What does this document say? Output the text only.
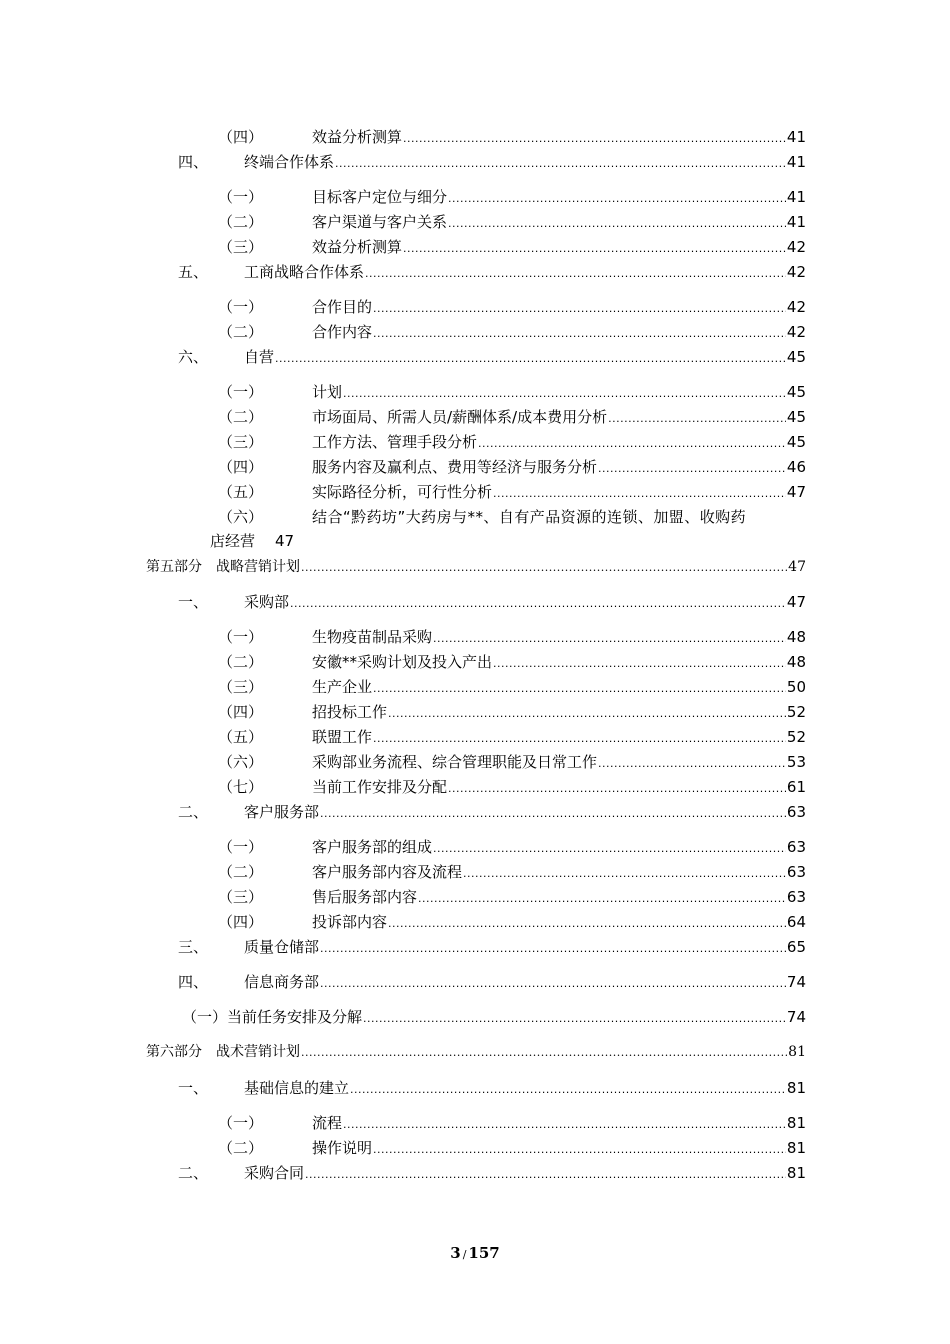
（四）	效益分析测算 .....	41
四、	终端合作体系 .....	41
（一）	目标客户定位与细分 .....	41
（二）	客户渠道与客户关系 .....	41
（三）	效益分析测算 .....	42
五、	工商战略合作体系 .....	42
（一）	合作目的 .....	42
（二）	合作内容 .....	42
六、	自营 .....	45
（一）	计划 .....	45
（二）	市场面局、所需人员/薪酬体系/成本费用分析 .....	45
（三）	工作方法、管理手段分析 .....	45
（四）	服务内容及赢利点、费用等经济与服务分析 .....	46
（五）	实际路径分析，可行性分析 .....	47
（六）	结合“黔药坊”大药房与**、自有产品资源的连锁、加盟、收购药
店经营 47
第五部分	战略营销计划 .....	47
一、	采购部 .....	47
（一）	生物疫苗制品采购 .....	48
（二）	安徽**采购计划及投入产出 .....	48
（三）	生产企业 .....	50
（四）	招投标工作 .....	52
（五）	联盟工作 .....	52
（六）	采购部业务流程、综合管理职能及日常工作 .....	53
（七）	当前工作安排及分配 .....	61
二、	客户服务部 .....	63
（一）	客户服务部的组成 .....	63
（二）	客户服务部内容及流程 .....	63
（三）	售后服务部内容 .....	63
（四）	投诉部内容 .....	64
三、	质量仓储部 .....	65
四、	信息商务部 .....	74
（一）当前任务安排及分解 .....	74
第六部分	战术营销计划 .....	81
一、	基础信息的建立 .....	81
（一）	流程 .....	81
（二）	操作说明 .....	81
二、	采购合同 .....	81
3 / 157
